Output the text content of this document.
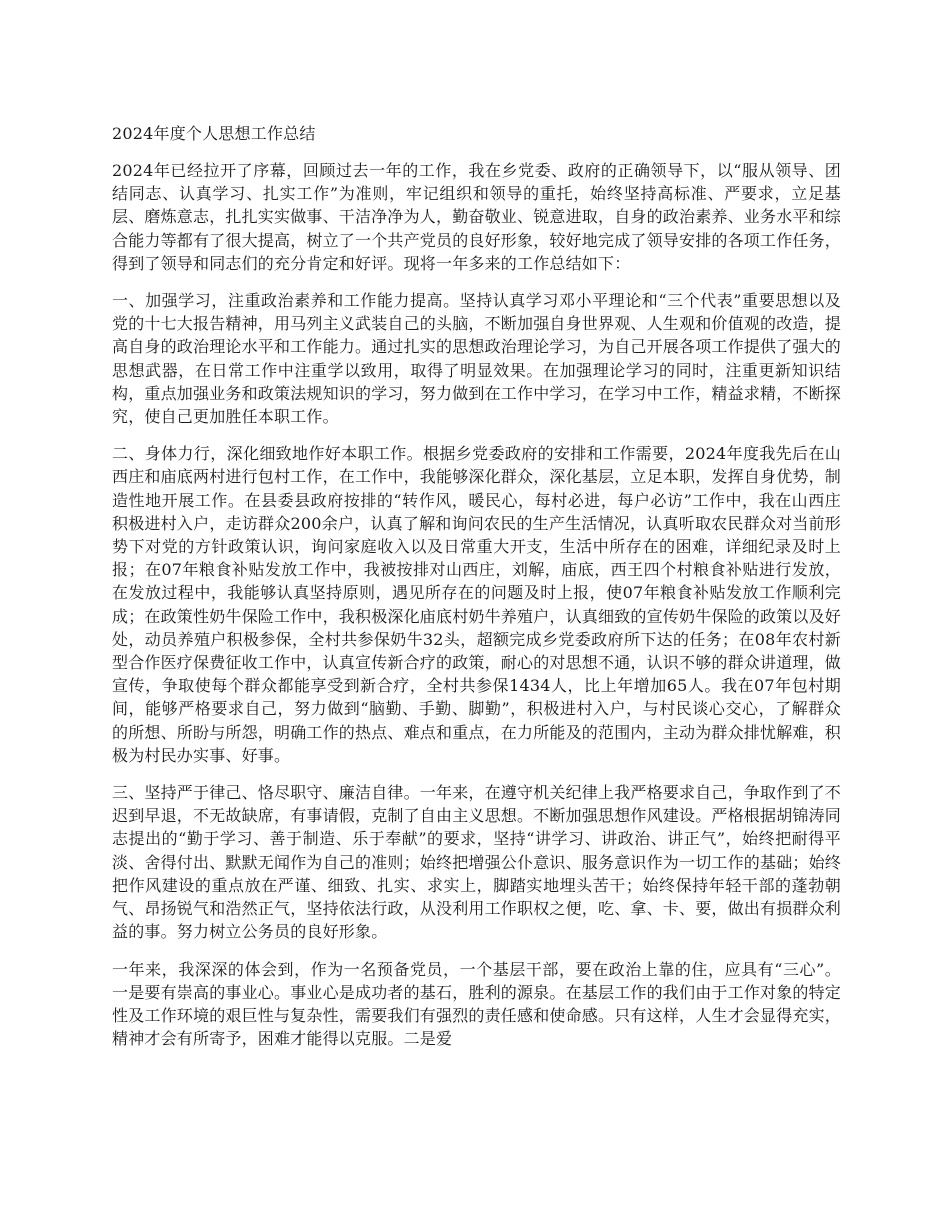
2024年度个人思想工作总结

2024年已经拉开了序幕，回顾过去一年的工作，我在乡党委、政府的正确领导下，以“服从领导、团结同志、认真学习、扎实工作”为准则，牢记组织和领导的重托，始终坚持高标准、严要求，立足基层、磨炼意志，扎扎实实做事、干洁净净为人，勤奋敬业、锐意进取，自身的政治素养、业务水平和综合能力等都有了很大提高，树立了一个共产党员的良好形象，较好地完成了领导安排的各项工作任务，得到了领导和同志们的充分肯定和好评。现将一年多来的工作总结如下：

一、加强学习，注重政治素养和工作能力提高。坚持认真学习邓小平理论和“三个代表”重要思想以及党的十七大报告精神，用马列主义武装自己的头脑，不断加强自身世界观、人生观和价值观的改造，提高自身的政治理论水平和工作能力。通过扎实的思想政治理论学习，为自己开展各项工作提供了强大的思想武器，在日常工作中注重学以致用，取得了明显效果。在加强理论学习的同时，注重更新知识结构，重点加强业务和政策法规知识的学习，努力做到在工作中学习，在学习中工作，精益求精，不断探究，使自己更加胜任本职工作。

二、身体力行，深化细致地作好本职工作。根据乡党委政府的安排和工作需要，2024年度我先后在山西庄和庙底两村进行包村工作，在工作中，我能够深化群众，深化基层，立足本职，发挥自身优势，制造性地开展工作。在县委县政府按排的“转作风，暖民心，每村必进，每户必访”工作中，我在山西庄积极进村入户，走访群众200余户，认真了解和询问农民的生产生活情况，认真听取农民群众对当前形势下对党的方针政策认识，询问家庭收入以及日常重大开支，生活中所存在的困难，详细纪录及时上报；在07年粮食补贴发放工作中，我被按排对山西庄，刘解，庙底，西王四个村粮食补贴进行发放，在发放过程中，我能够认真坚持原则，遇见所存在的问题及时上报，使07年粮食补贴发放工作顺利完成；在政策性奶牛保险工作中，我积极深化庙底村奶牛养殖户，认真细致的宣传奶牛保险的政策以及好处，动员养殖户积极参保，全村共参保奶牛32头，超额完成乡党委政府所下达的任务；在08年农村新型合作医疗保费征收工作中，认真宣传新合疗的政策，耐心的对思想不通，认识不够的群众讲道理，做宣传，争取使每个群众都能享受到新合疗，全村共参保1434人，比上年增加65人。我在07年包村期间，能够严格要求自己，努力做到“脑勤、手勤、脚勤”，积极进村入户，与村民谈心交心，了解群众的所想、所盼与所怨，明确工作的热点、难点和重点，在力所能及的范围内，主动为群众排忧解难，积极为村民办实事、好事。

三、坚持严于律己、恪尽职守、廉洁自律。一年来，在遵守机关纪律上我严格要求自己，争取作到了不迟到早退，不无故缺席，有事请假，克制了自由主义思想。不断加强思想作风建设。严格根据胡锦涛同志提出的“勤于学习、善于制造、乐于奉献”的要求，坚持“讲学习、讲政治、讲正气”，始终把耐得平淡、舍得付出、默默无闻作为自己的准则；始终把增强公仆意识、服务意识作为一切工作的基础；始终把作风建设的重点放在严谨、细致、扎实、求实上，脚踏实地埋头苦干；始终保持年轻干部的蓬勃朝气、昂扬锐气和浩然正气，坚持依法行政，从没利用工作职权之便，吃、拿、卡、要，做出有损群众利益的事。努力树立公务员的良好形象。

一年来，我深深的体会到，作为一名预备党员，一个基层干部，要在政治上靠的住，应具有“三心”。一是要有崇高的事业心。事业心是成功者的基石，胜利的源泉。在基层工作的我们由于工作对象的特定性及工作环境的艰巨性与复杂性，需要我们有强烈的责任感和使命感。只有这样，人生才会显得充实，精神才会有所寄予，困难才能得以克服。二是爱
